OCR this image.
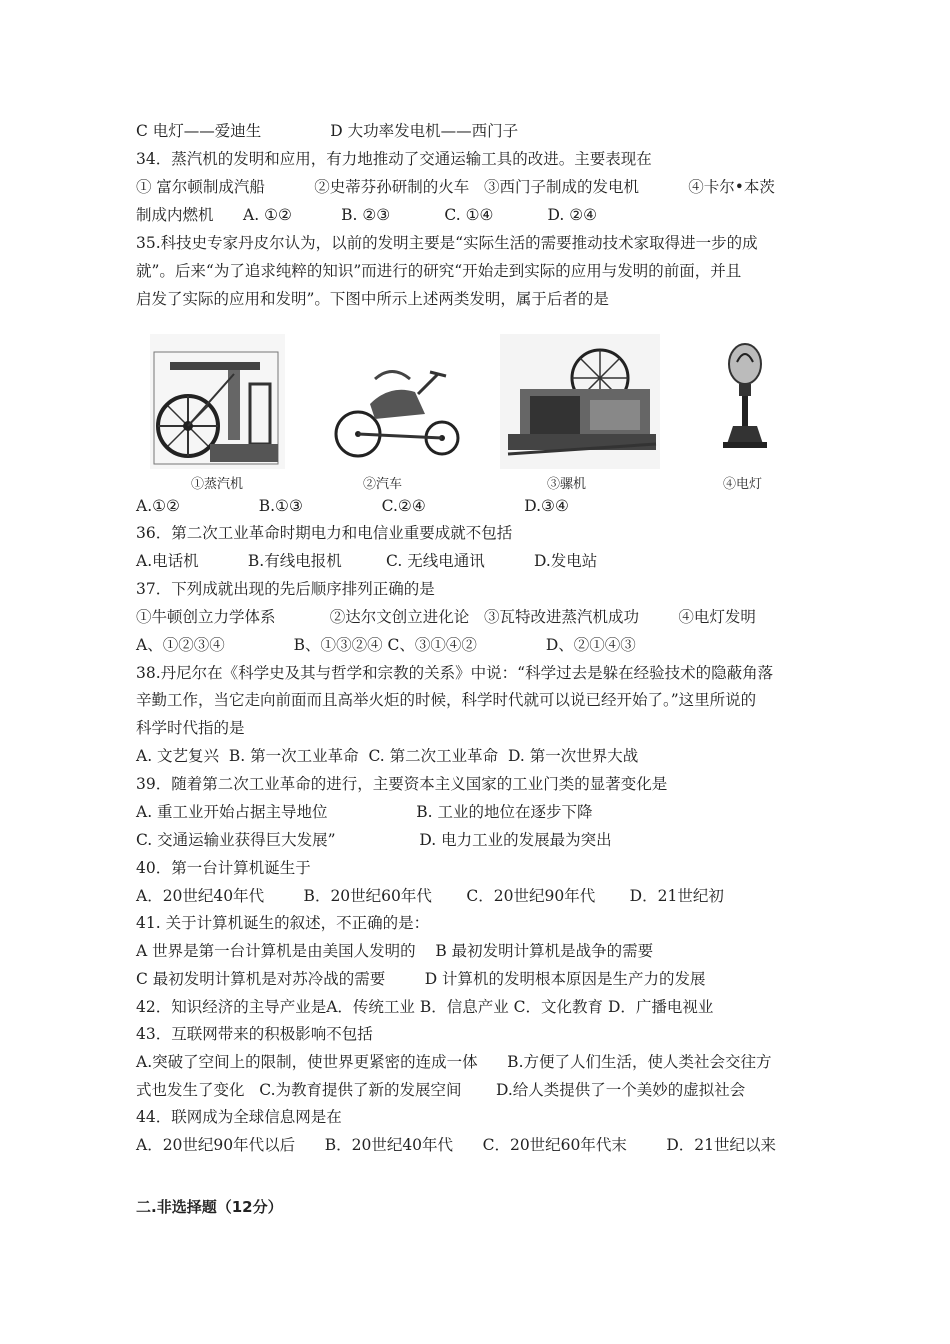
C 电灯——爱迪生              D 大功率发电机——西门子
34．蒸汽机的发明和应用，有力地推动了交通运输工具的改进。主要表现在
① 富尔顿制成汽船          ②史蒂芬孙研制的火车   ③西门子制成的发电机          ④卡尔•本茨
制成内燃机      A. ①②          B. ②③           C. ①④           D. ②④
35.科技史专家丹皮尔认为，以前的发明主要是“实际生活的需要推动技术家取得进一步的成
就”。后来“为了追求纯粹的知识”而进行的研究“开始走到实际的应用与发明的前面，并且
启发了实际的应用和发明”。下图中所示上述两类发明，属于后者的是
①蒸汽机	②汽车	③骡机	④电灯
A.①②                B.①③                C.②④                    D.③④
36．第二次工业革命时期电力和电信业重要成就不包括
A.电话机          B.有线电报机         C. 无线电通讯          D.发电站
37．下列成就出现的先后顺序排列正确的是
①牛顿创立力学体系           ②达尔文创立进化论   ③瓦特改进蒸汽机成功        ④电灯发明
A、①②③④              B、①③②④ C、③①④②              D、②①④③
38.丹尼尔在《科学史及其与哲学和宗教的关系》中说：“科学过去是躲在经验技术的隐蔽角落
辛勤工作，当它走向前面而且高举火炬的时候，科学时代就可以说已经开始了。”这里所说的
科学时代指的是
A. 文艺复兴  B. 第一次工业革命  C. 第二次工业革命  D. 第一次世界大战
39．随着第二次工业革命的进行，主要资本主义国家的工业门类的显著变化是
A. 重工业开始占据主导地位                  B. 工业的地位在逐步下降
C. 交通运输业获得巨大发展”                 D. 电力工业的发展最为突出
40．第一台计算机诞生于
A．20世纪40年代        B．20世纪60年代       C．20世纪90年代       D．21世纪初
41. 关于计算机诞生的叙述，不正确的是：
A 世界是第一台计算机是由美国人发明的    B 最初发明计算机是战争的需要
C 最初发明计算机是对苏冷战的需要        D 计算机的发明根本原因是生产力的发展
42．知识经济的主导产业是A．传统工业 B．信息产业 C．文化教育 D．广播电视业
43．互联网带来的积极影响不包括
A.突破了空间上的限制，使世界更紧密的连成一体      B.方便了人们生活，使人类社会交往方
式也发生了变化   C.为教育提供了新的发展空间       D.给人类提供了一个美妙的虚拟社会
44．联网成为全球信息网是在
A．20世纪90年代以后      B．20世纪40年代      C．20世纪60年代末        D．21世纪以来
二.非选择题（12分）
